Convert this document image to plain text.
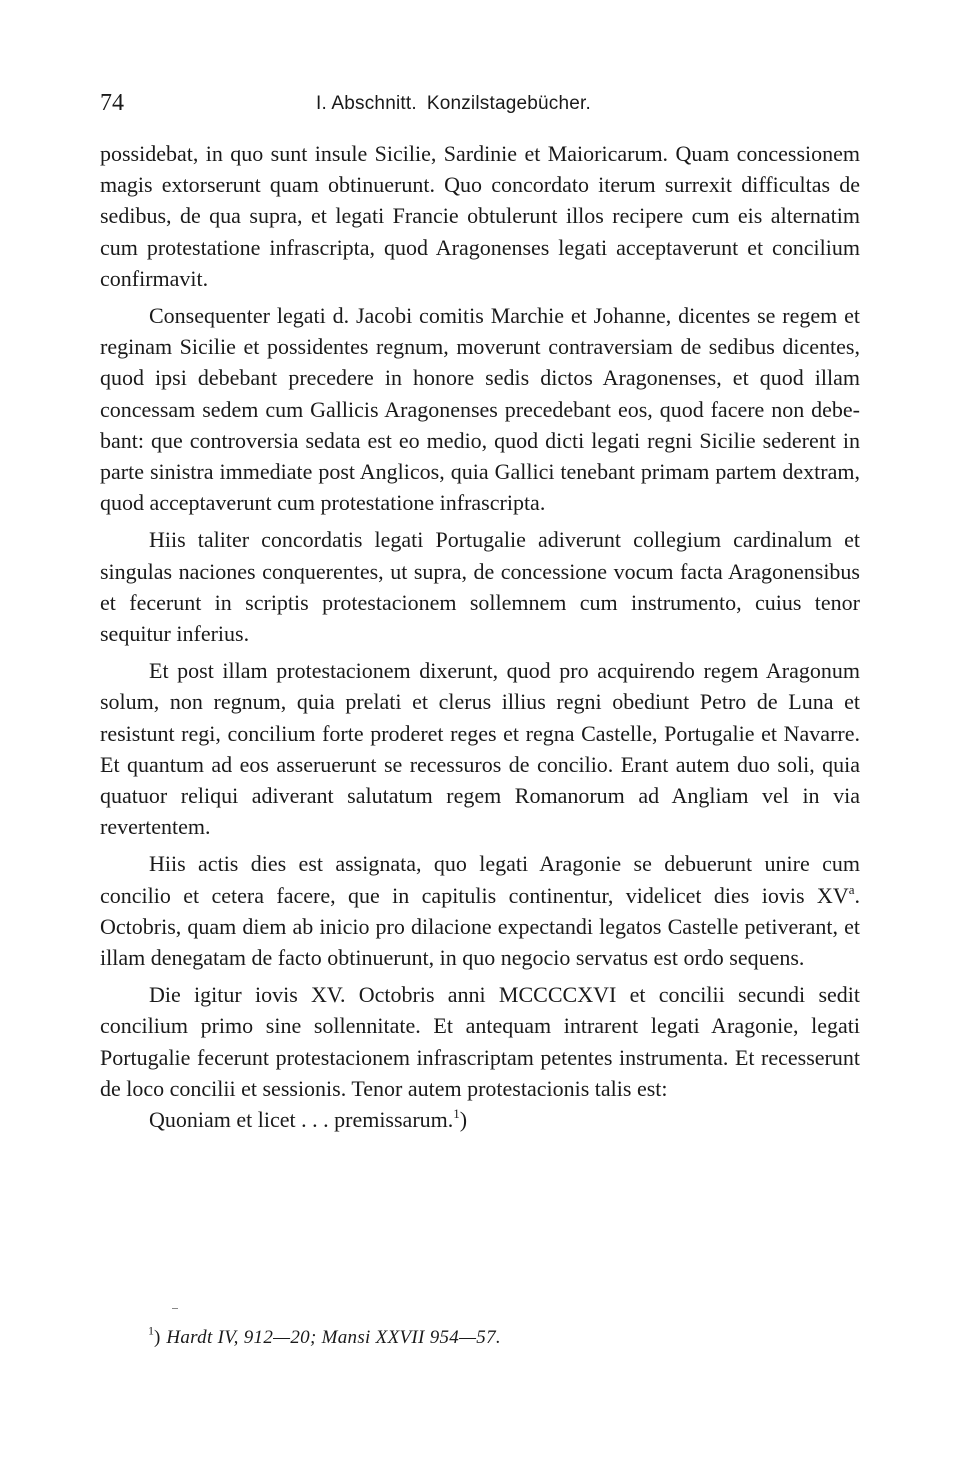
74	I. Abschnitt. Konzilstagebücher.

possidebat, in quo sunt insule Sicilie, Sardinie et Maioricarum. Quam concessionem magis extorserunt quam obtinuerunt. Quo concordato iterum surrexit difficultas de sedibus, de qua supra, et legati Francie obtulerunt illos recipere cum eis alternatim cum protestatione infrascripta, quod Aragonenses legati acceptaverunt et concilium confirmavit.

Consequenter legati d. Jacobi comitis Marchie et Johanne, dicentes se regem et reginam Sicilie et possidentes regnum, moverunt contraversiam de sedibus dicentes, quod ipsi debebant precedere in honore sedis dictos Aragonenses, et quod illam concessam sedem cum Gallicis Aragonenses precedebant eos, quod facere non debebant: que controversia sedata est eo medio, quod dicti legati regni Sicilie sederent in parte sinistra immediate post Anglicos, quia Gallici tenebant primam partem dextram, quod acceptaverunt cum protestatione infrascripta.

Hiis taliter concordatis legati Portugalie adiverunt collegium cardinalum et singulas naciones conquerentes, ut supra, de concessione vocum facta Aragonensibus et fecerunt in scriptis protestacionem sollemnem cum instrumento, cuius tenor sequitur inferius.

Et post illam protestacionem dixerunt, quod pro acquirendo regem Aragonum solum, non regnum, quia prelati et clerus illius regni obediunt Petro de Luna et resistunt regi, concilium forte proderet reges et regna Castelle, Portugalie et Navarre. Et quantum ad eos asseruerunt se recessuros de concilio. Erant autem duo soli, quia quatuor reliqui adiverant salutatum regem Romanorum ad Angliam vel in via revertentem.

Hiis actis dies est assignata, quo legati Aragonie se debuerunt unire cum concilio et cetera facere, que in capitulis continentur, videlicet dies iovis $XV^a$. Octobris, quam diem ab inicio pro dilacione expectandi legatos Castelle petiverant, et illam denegatam de facto obtinuerunt, in quo negocio servatus est ordo sequens.

Die igitur iovis XV. Octobris anni MCCCCXVI et concilii secundi sedit concilium primo sine sollennitate. Et antequam intrarent legati Aragonie, legati Portugalie fecerunt protestacionem infrascriptam petentes instrumenta. Et recesserunt de loco concilii et sessionis. Tenor autem protestacionis talis est:

Quoniam et licet . . . premissarum.$^1$)

$^1$) Hardt IV, 912—20; Mansi XXVII 954—57.
